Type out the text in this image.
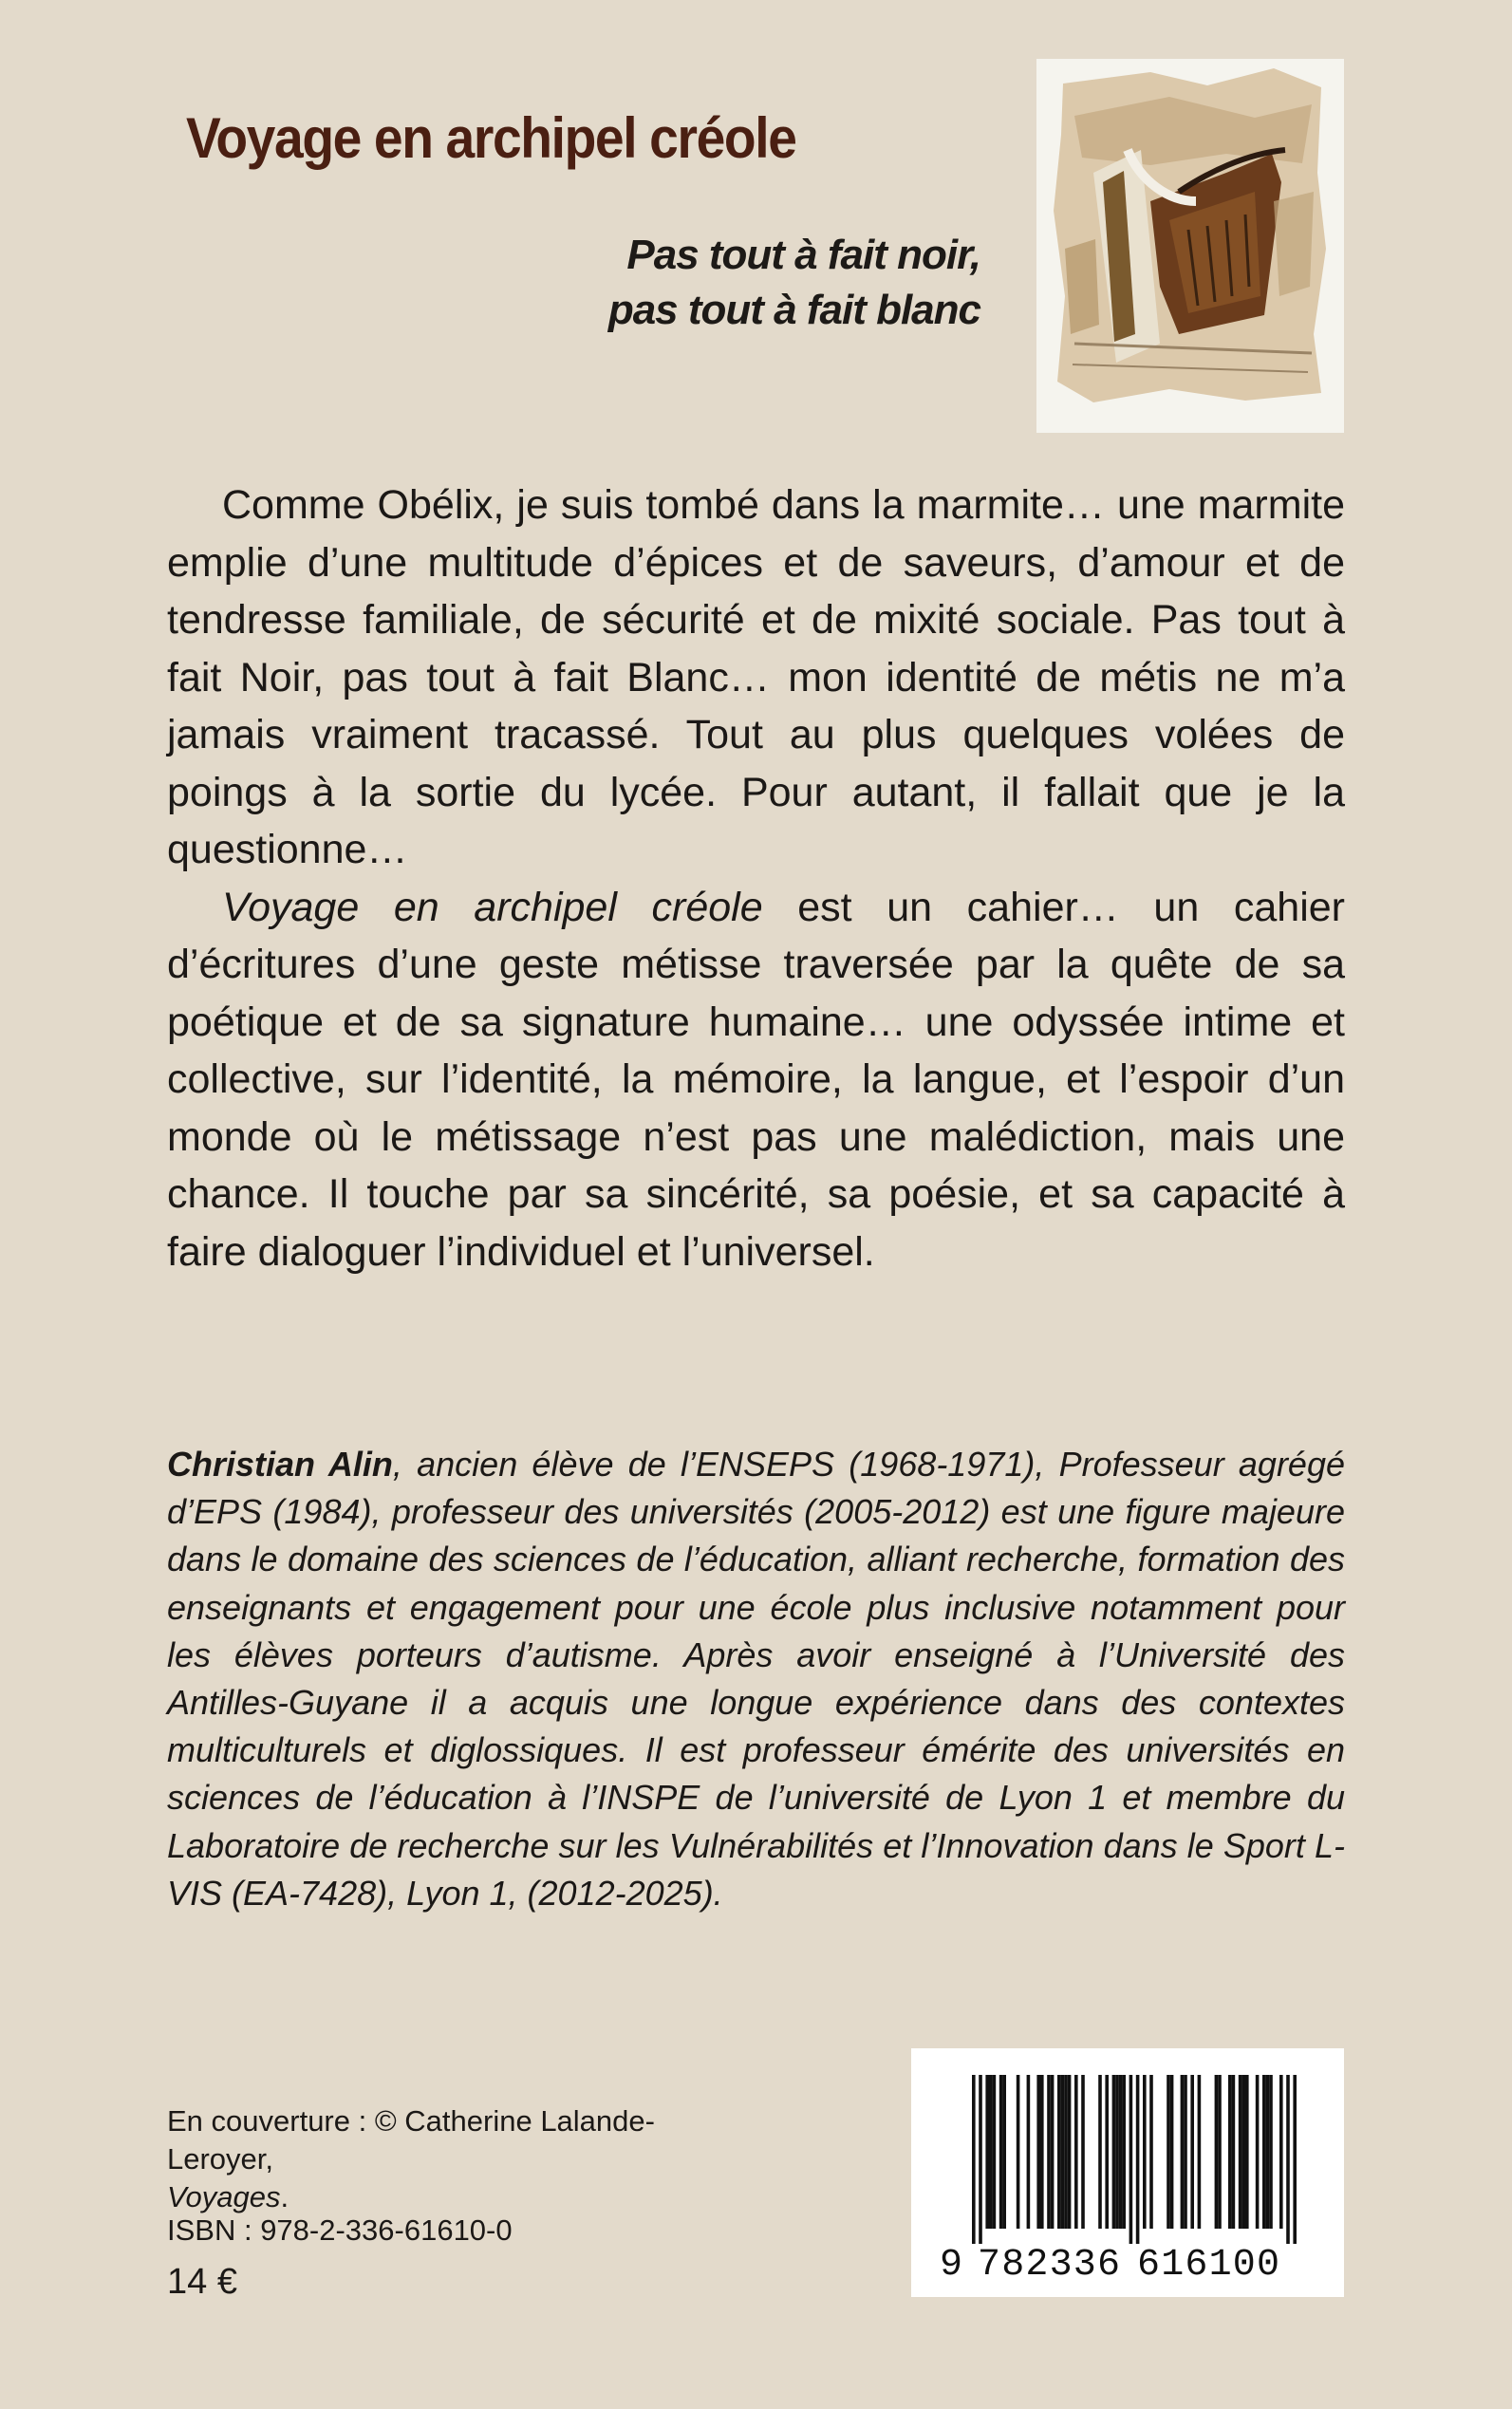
Voyage en archipel créole
Pas tout à fait noir,
pas tout à fait blanc

Comme Obélix, je suis tombé dans la marmite… une marmite emplie d’une multitude d’épices et de saveurs, d’amour et de tendresse familiale, de sécurité et de mixité sociale. Pas tout à fait Noir, pas tout à fait Blanc… mon identité de métis ne m’a jamais vraiment tracassé. Tout au plus quelques volées de poings à la sortie du lycée. Pour autant, il fallait que je la questionne…

Voyage en archipel créole est un cahier… un cahier d’écritures d’une geste métisse traversée par la quête de sa poétique et de sa signature humaine… une odyssée intime et collective, sur l’identité, la mémoire, la langue, et l’espoir d’un monde où le métissage n’est pas une malédiction, mais une chance. Il touche par sa sincérité, sa poésie, et sa capacité à faire dialoguer l’individuel et l’universel.

Christian Alin, ancien élève de l’ENSEPS (1968-1971), Professeur agrégé d’EPS (1984), professeur des universités (2005-2012) est une figure majeure dans le domaine des sciences de l’éducation, alliant recherche, formation des enseignants et engagement pour une école plus inclusive notamment pour les élèves porteurs d’autisme. Après avoir enseigné à l’Université des Antilles-Guyane il a acquis une longue expérience dans des contextes multiculturels et diglossiques. Il est professeur émérite des universités en sciences de l’éducation à l’INSPE de l’université de Lyon 1 et membre du Laboratoire de recherche sur les Vulnérabilités et l’Innovation dans le Sport L-VIS (EA-7428), Lyon 1, (2012-2025).
En couverture : © Catherine Lalande-Leroyer,
Voyages.
ISBN : 978-2-336-61610-0
14 €	9 782336 616100
